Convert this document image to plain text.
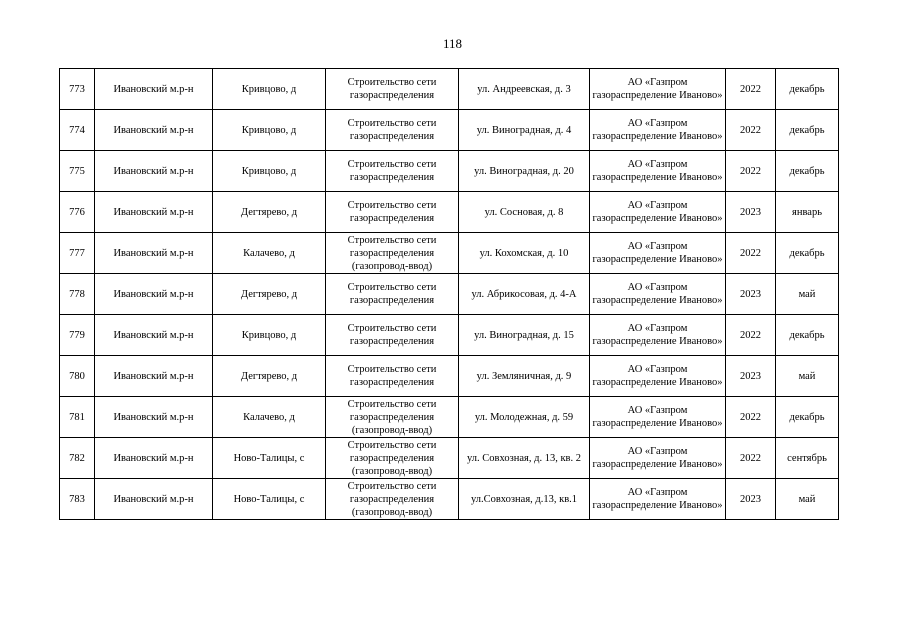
118
773	Ивановский м.р-н	Кривцово, д	Строительство сети газораспределения	ул. Андреевская, д. 3	АО «Газпром газораспределение Иваново»	2022	декабрь
774	Ивановский м.р-н	Кривцово, д	Строительство сети газораспределения	ул. Виноградная, д. 4	АО «Газпром газораспределение Иваново»	2022	декабрь
775	Ивановский м.р-н	Кривцово, д	Строительство сети газораспределения	ул. Виноградная, д. 20	АО «Газпром газораспределение Иваново»	2022	декабрь
776	Ивановский м.р-н	Дегтярево, д	Строительство сети газораспределения	ул. Сосновая, д. 8	АО «Газпром газораспределение Иваново»	2023	январь
777	Ивановский м.р-н	Калачево, д	Строительство сети газораспределения (газопровод-ввод)	ул. Кохомская, д. 10	АО «Газпром газораспределение Иваново»	2022	декабрь
778	Ивановский м.р-н	Дегтярево, д	Строительство сети газораспределения	ул. Абрикосовая, д. 4-А	АО «Газпром газораспределение Иваново»	2023	май
779	Ивановский м.р-н	Кривцово, д	Строительство сети газораспределения	ул. Виноградная, д. 15	АО «Газпром газораспределение Иваново»	2022	декабрь
780	Ивановский м.р-н	Дегтярево, д	Строительство сети газораспределения	ул. Земляничная, д. 9	АО «Газпром газораспределение Иваново»	2023	май
781	Ивановский м.р-н	Калачево, д	Строительство сети газораспределения (газопровод-ввод)	ул. Молодежная, д. 59	АО «Газпром газораспределение Иваново»	2022	декабрь
782	Ивановский м.р-н	Ново-Талицы, с	Строительство сети газораспределения (газопровод-ввод)	ул. Совхозная, д. 13, кв. 2	АО «Газпром газораспределение Иваново»	2022	сентябрь
783	Ивановский м.р-н	Ново-Талицы, с	Строительство сети газораспределения (газопровод-ввод)	ул.Совхозная, д.13, кв.1	АО «Газпром газораспределение Иваново»	2023	май
